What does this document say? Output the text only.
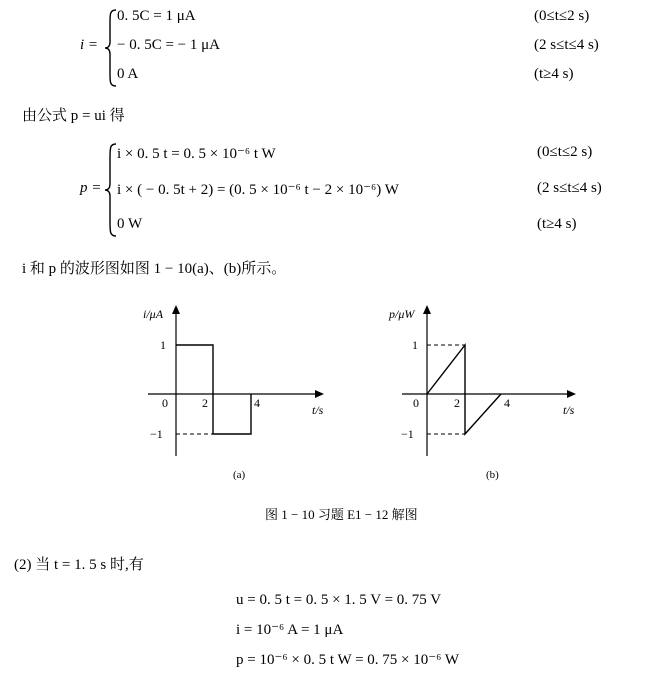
i =
0. 5C = 1 μA	(0≤t≤2 s)
− 0. 5C = − 1 μA	(2 s≤t≤4 s)
0 A	(t≥4 s)
由公式 p = ui 得
p =
i × 0. 5 t = 0. 5 × 10⁻⁶ t W	(0≤t≤2 s)
i × ( − 0. 5t + 2) = (0. 5 × 10⁻⁶ t − 2 × 10⁻⁶) W	(2 s≤t≤4 s)
0 W	(t≥4 s)
i 和 p 的波形图如图 1 − 10(a)、(b)所示。
i/μA
t/s
1
−1
0	2	4
(a)
p/μW
t/s
1
−1
0	2	4
(b)
图 1 − 10 习题 E1 − 12 解图
(2) 当 t = 1. 5 s 时,有
u = 0. 5 t = 0. 5 × 1. 5 V = 0. 75 V
i = 10⁻⁶ A = 1 μA
p = 10⁻⁶ × 0. 5 t W = 0. 75 × 10⁻⁶ W
